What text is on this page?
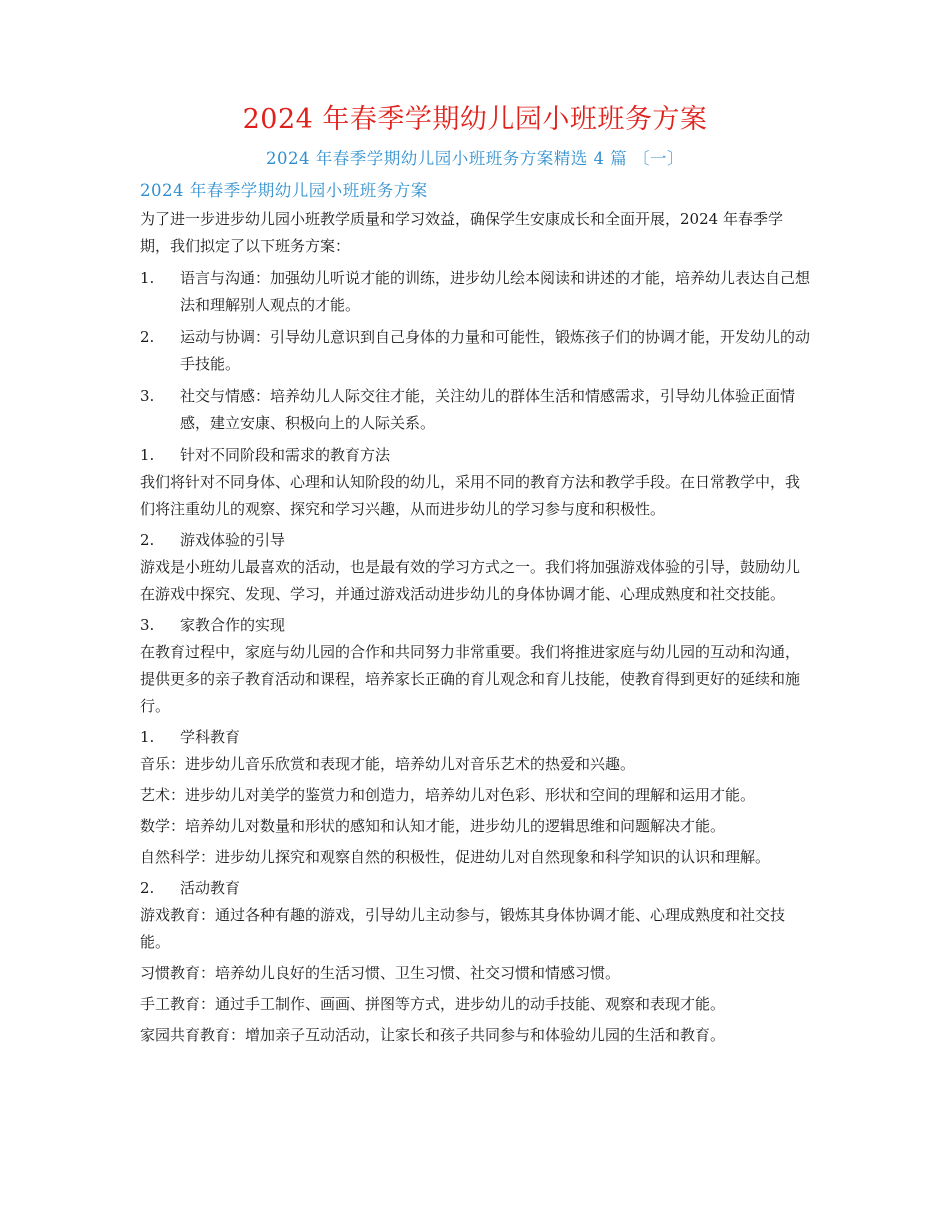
2024 年春季学期幼儿园小班班务方案
2024 年春季学期幼儿园小班班务方案精选 4 篇 〔一〕
2024 年春季学期幼儿园小班班务方案

为了进一步进步幼儿园小班教学质量和学习效益，确保学生安康成长和全面开展，2024 年春季学期，我们拟定了以下班务方案：

1.	语言与沟通：加强幼儿听说才能的训练，进步幼儿绘本阅读和讲述的才能，培养幼儿表达自己想法和理解别人观点的才能。
2.	运动与协调：引导幼儿意识到自己身体的力量和可能性，锻炼孩子们的协调才能，开发幼儿的动手技能。
3.	社交与情感：培养幼儿人际交往才能，关注幼儿的群体生活和情感需求，引导幼儿体验正面情感，建立安康、积极向上的人际关系。
1.	针对不同阶段和需求的教育方法

我们将针对不同身体、心理和认知阶段的幼儿，采用不同的教育方法和教学手段。在日常教学中，我们将注重幼儿的观察、探究和学习兴趣，从而进步幼儿的学习参与度和积极性。

2.	游戏体验的引导

游戏是小班幼儿最喜欢的活动，也是最有效的学习方式之一。我们将加强游戏体验的引导，鼓励幼儿在游戏中探究、发现、学习，并通过游戏活动进步幼儿的身体协调才能、心理成熟度和社交技能。

3.	家教合作的实现

在教育过程中，家庭与幼儿园的合作和共同努力非常重要。我们将推进家庭与幼儿园的互动和沟通，提供更多的亲子教育活动和课程，培养家长正确的育儿观念和育儿技能，使教育得到更好的延续和施行。

1.	学科教育

音乐：进步幼儿音乐欣赏和表现才能，培养幼儿对音乐艺术的热爱和兴趣。

艺术：进步幼儿对美学的鉴赏力和创造力，培养幼儿对色彩、形状和空间的理解和运用才能。

数学：培养幼儿对数量和形状的感知和认知才能，进步幼儿的逻辑思维和问题解决才能。

自然科学：进步幼儿探究和观察自然的积极性，促进幼儿对自然现象和科学知识的认识和理解。

2.	活动教育

游戏教育：通过各种有趣的游戏，引导幼儿主动参与，锻炼其身体协调才能、心理成熟度和社交技能。

习惯教育：培养幼儿良好的生活习惯、卫生习惯、社交习惯和情感习惯。

手工教育：通过手工制作、画画、拼图等方式，进步幼儿的动手技能、观察和表现才能。

家园共育教育：增加亲子互动活动，让家长和孩子共同参与和体验幼儿园的生活和教育。
